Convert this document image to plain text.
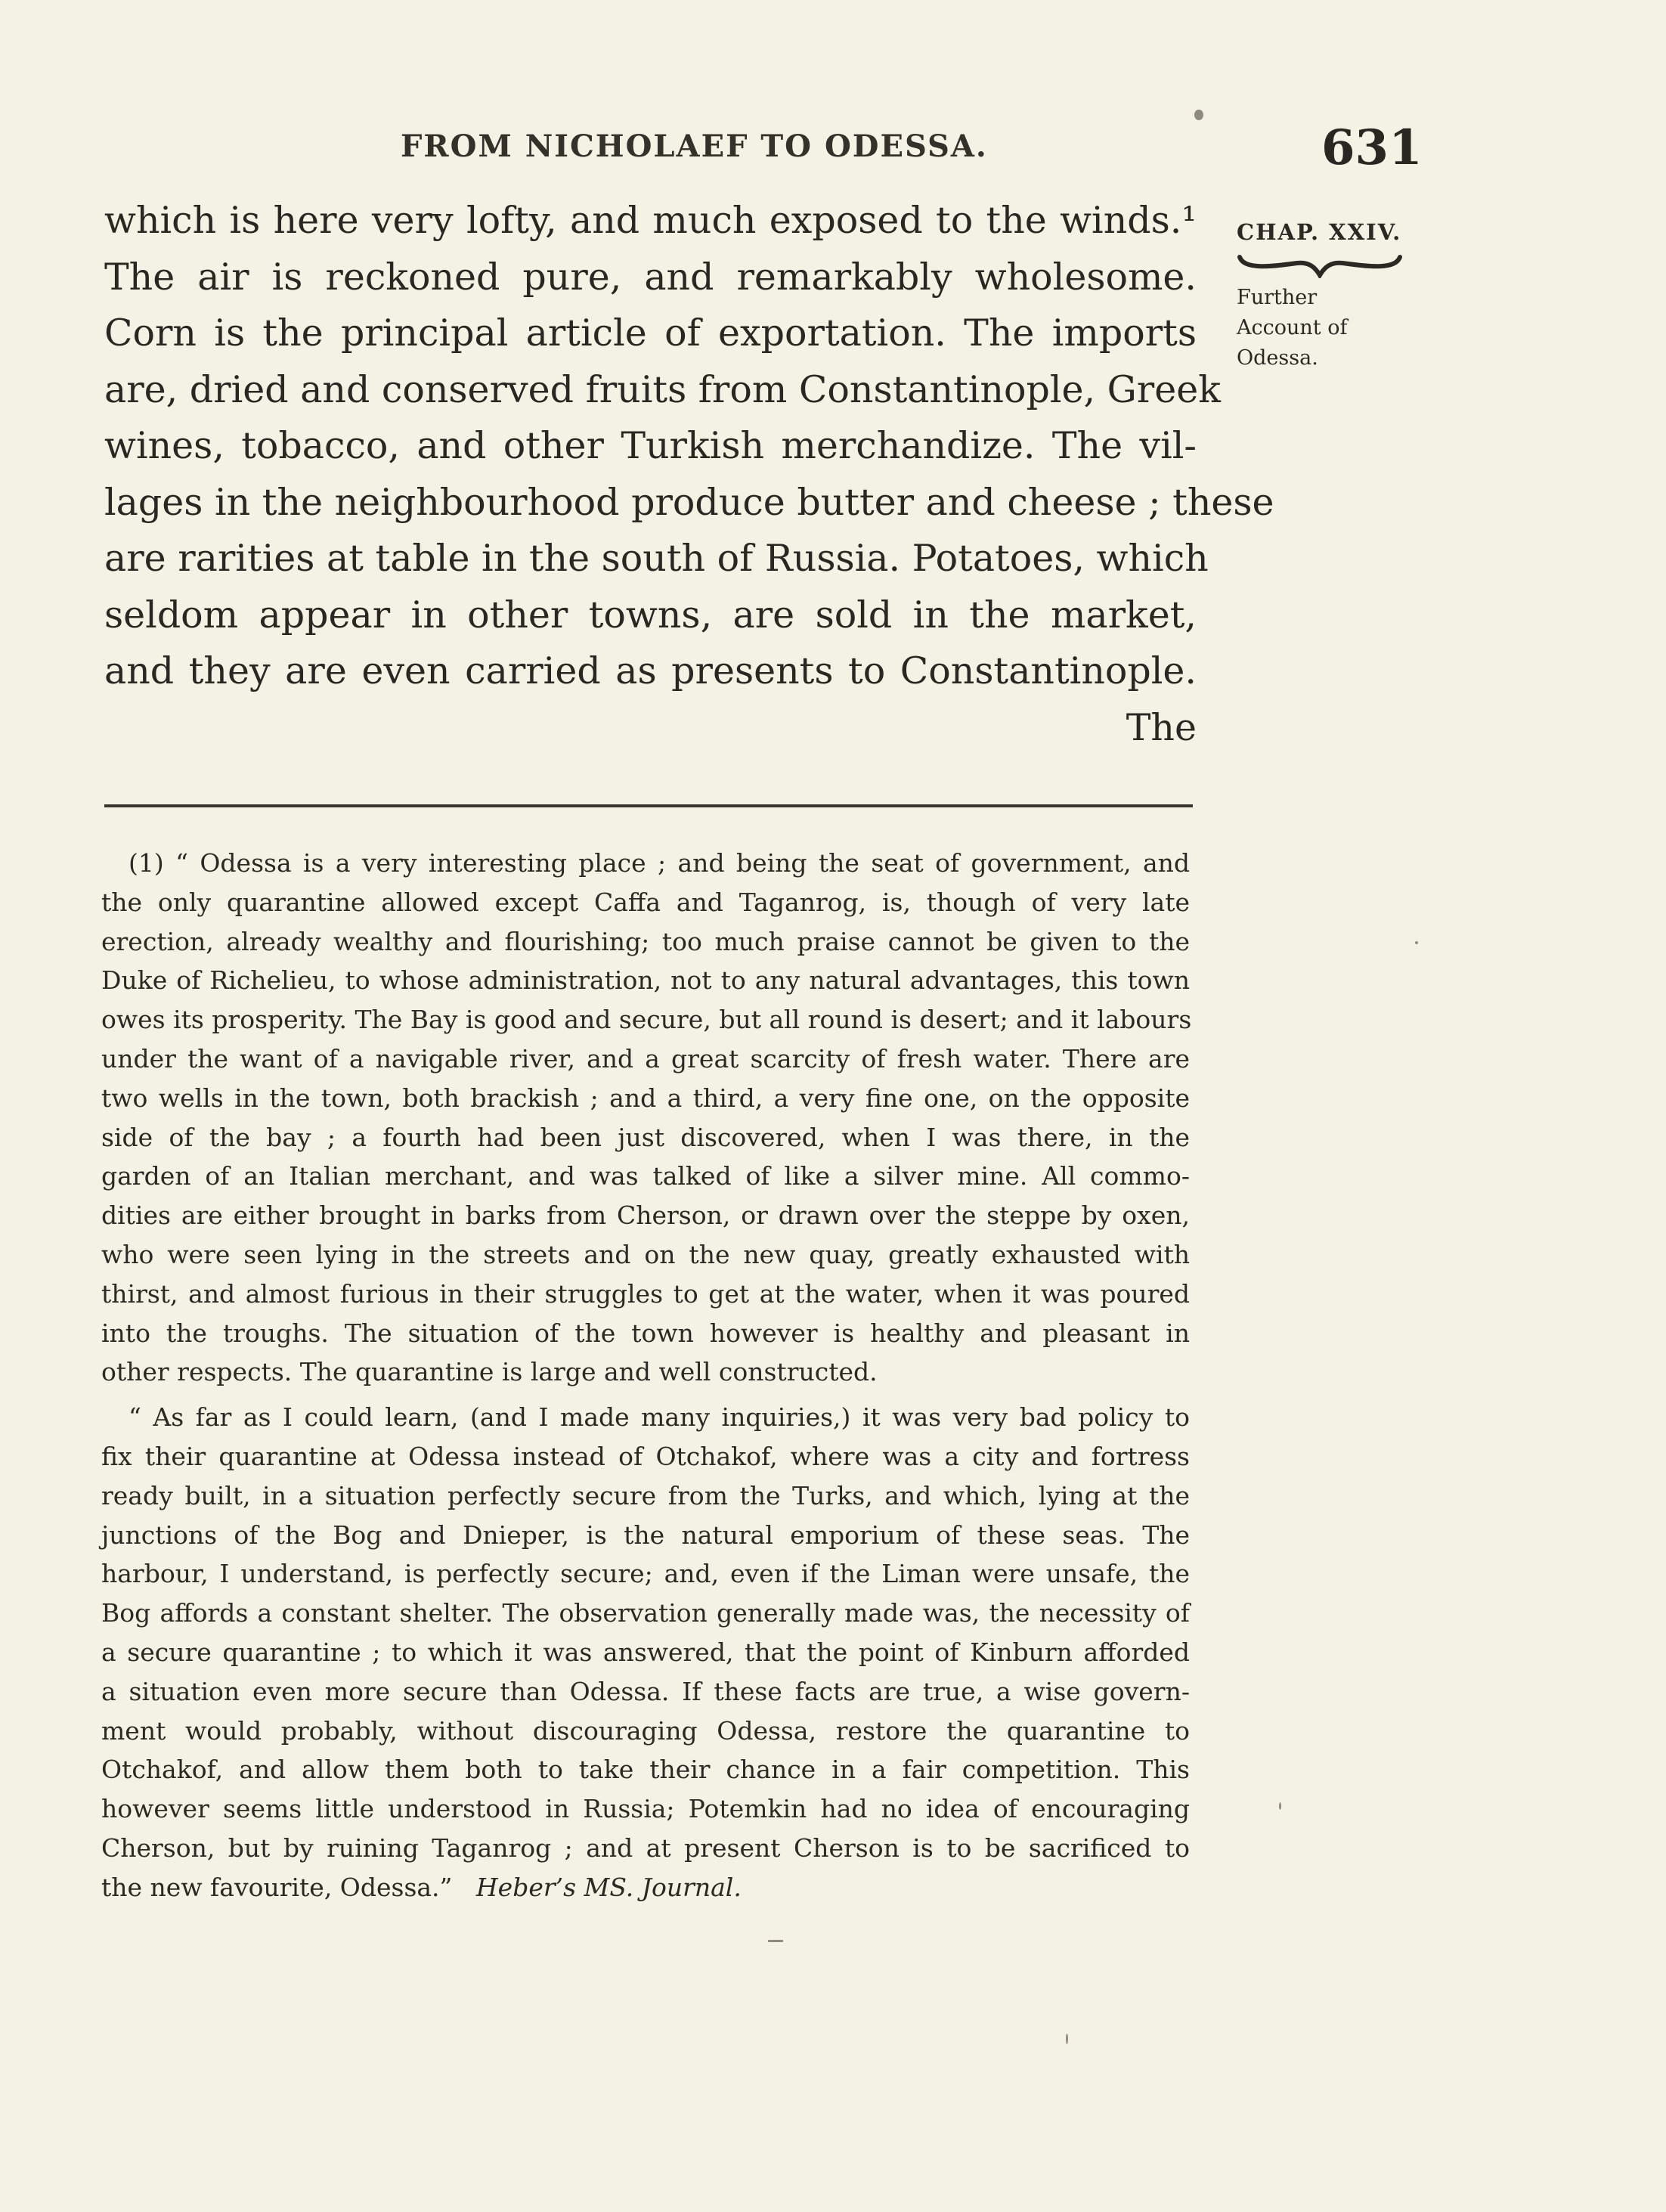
FROM NICHOLAEF TO ODESSA.	631
CHAP. XXIV.
Further
Account of
Odessa.
which is here very lofty, and much exposed to the winds.¹
The air is reckoned pure, and remarkably wholesome.
Corn is the principal article of exportation. The imports
are, dried and conserved fruits from Constantinople, Greek
wines, tobacco, and other Turkish merchandize. The vil-
lages in the neighbourhood produce butter and cheese ; these
are rarities at table in the south of Russia. Potatoes, which
seldom appear in other towns, are sold in the market,
and they are even carried as presents to Constantinople.
The
(1) “ Odessa is a very interesting place ; and being the seat of government, and
the only quarantine allowed except Caffa and Taganrog, is, though of very late
erection, already wealthy and flourishing; too much praise cannot be given to the
Duke of Richelieu, to whose administration, not to any natural advantages, this town
owes its prosperity. The Bay is good and secure, but all round is desert; and it labours
under the want of a navigable river, and a great scarcity of fresh water. There are
two wells in the town, both brackish ; and a third, a very fine one, on the opposite
side of the bay ; a fourth had been just discovered, when I was there, in the
garden of an Italian merchant, and was talked of like a silver mine. All commo-
dities are either brought in barks from Cherson, or drawn over the steppe by oxen,
who were seen lying in the streets and on the new quay, greatly exhausted with
thirst, and almost furious in their struggles to get at the water, when it was poured
into the troughs. The situation of the town however is healthy and pleasant in
other respects. The quarantine is large and well constructed.
“ As far as I could learn, (and I made many inquiries,) it was very bad policy to
fix their quarantine at Odessa instead of Otchakof, where was a city and fortress
ready built, in a situation perfectly secure from the Turks, and which, lying at the
junctions of the Bog and Dnieper, is the natural emporium of these seas. The
harbour, I understand, is perfectly secure; and, even if the Liman were unsafe, the
Bog affords a constant shelter. The observation generally made was, the necessity of
a secure quarantine ; to which it was answered, that the point of Kinburn afforded
a situation even more secure than Odessa. If these facts are true, a wise govern-
ment would probably, without discouraging Odessa, restore the quarantine to
Otchakof, and allow them both to take their chance in a fair competition. This
however seems little understood in Russia; Potemkin had no idea of encouraging
Cherson, but by ruining Taganrog ; and at present Cherson is to be sacrificed to
the new favourite, Odessa.” Heber’s MS. Journal.
